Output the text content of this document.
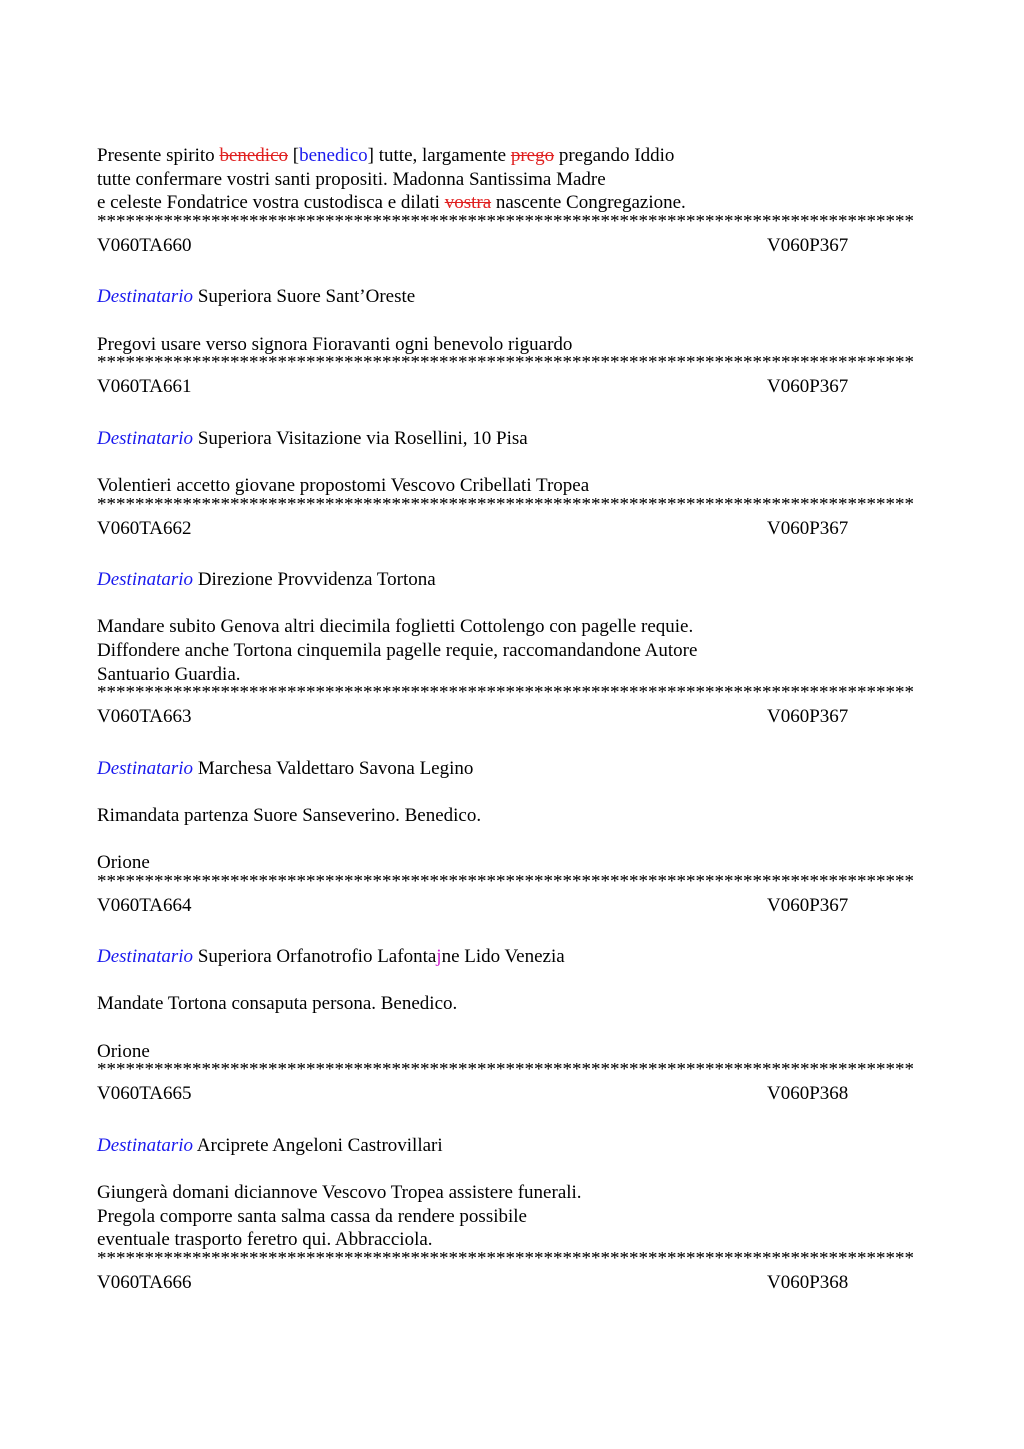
Presente spirito benedico [benedico] tutte, largamente prego pregando Iddio
tutte confermare vostri santi propositi. Madonna Santissima Madre
e celeste Fondatrice vostra custodisca e dilati vostra nascente Congregazione.
**************************************************************************************
V060TA660	V060P367
Destinatario Superiora Suore Sant’Oreste
Pregovi usare verso signora Fioravanti ogni benevolo riguardo
**************************************************************************************
V060TA661	V060P367
Destinatario Superiora Visitazione via Rosellini, 10 Pisa
Volentieri accetto giovane propostomi Vescovo Cribellati Tropea
**************************************************************************************
V060TA662	V060P367
Destinatario Direzione Provvidenza Tortona
Mandare subito Genova altri diecimila foglietti Cottolengo con pagelle requie.
Diffondere anche Tortona cinquemila pagelle requie, raccomandandone Autore
Santuario Guardia.
**************************************************************************************
V060TA663	V060P367
Destinatario Marchesa Valdettaro Savona Legino
Rimandata partenza Suore Sanseverino. Benedico.
Orione
**************************************************************************************
V060TA664	V060P367
Destinatario Superiora Orfanotrofio Lafontajne Lido Venezia
Mandate Tortona consaputa persona. Benedico.
Orione
**************************************************************************************
V060TA665	V060P368
Destinatario Arciprete Angeloni Castrovillari
Giungerà domani diciannove Vescovo Tropea assistere funerali.
Pregola comporre santa salma cassa da rendere possibile
eventuale trasporto feretro qui. Abbracciola.
**************************************************************************************
V060TA666	V060P368
